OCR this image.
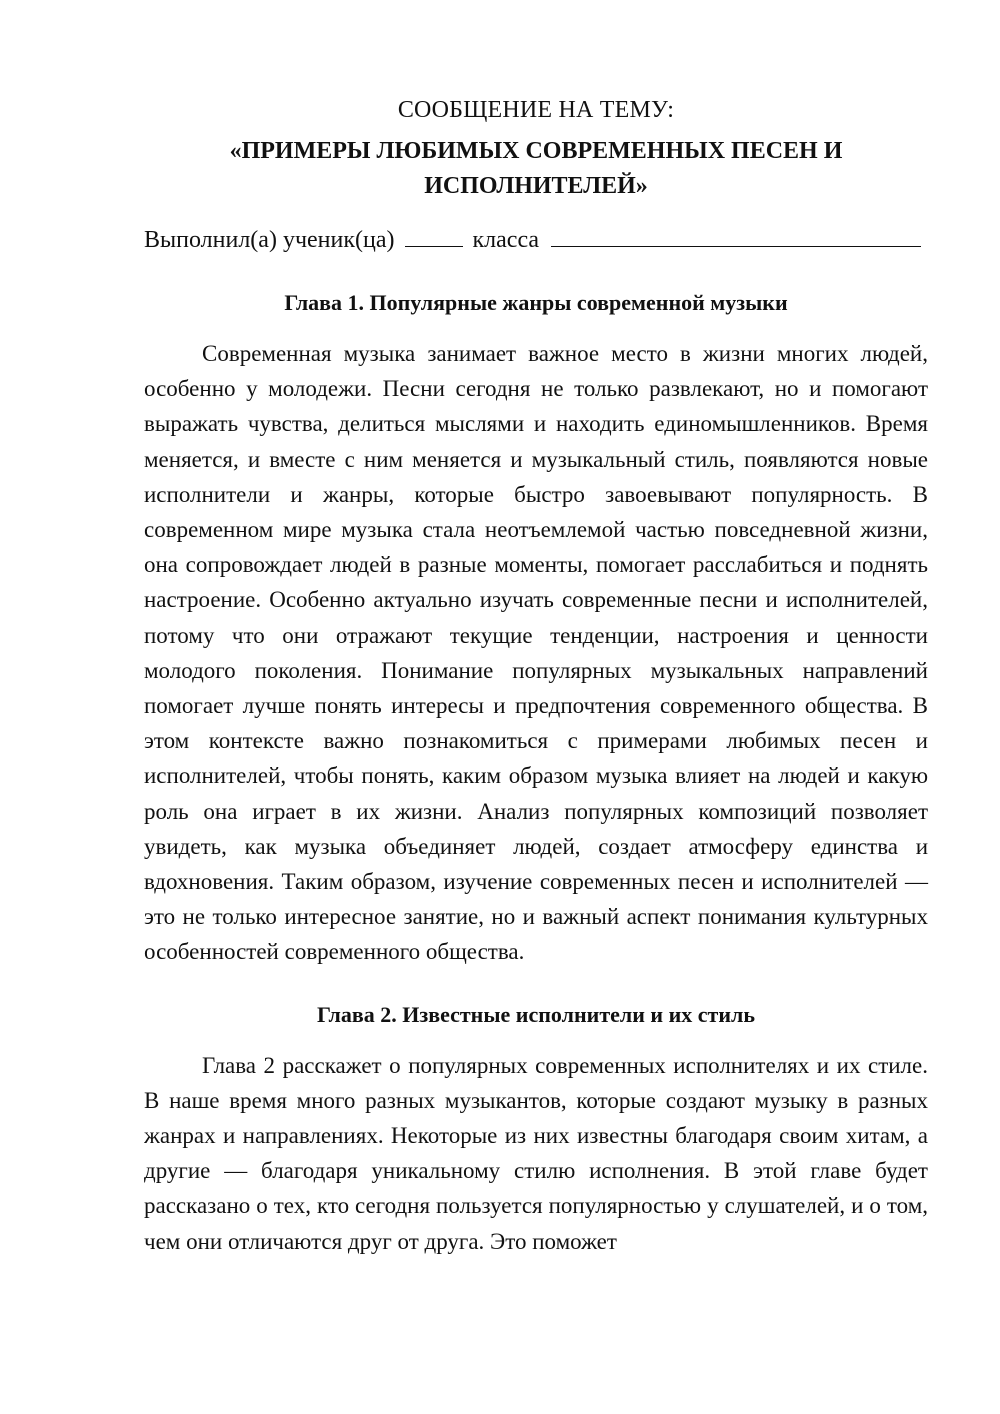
СООБЩЕНИЕ НА ТЕМУ:

«ПРИМЕРЫ ЛЮБИМЫХ СОВРЕМЕННЫХ ПЕСЕН И ИСПОЛНИТЕЛЕЙ»

Выполнил(а) ученик(ца)	класса
Глава 1. Популярные жанры современной музыки

Современная музыка занимает важное место в жизни многих людей, особенно у молодежи. Песни сегодня не только развлекают, но и помогают выражать чувства, делиться мыслями и находить единомышленников. Время меняется, и вместе с ним меняется и музыкальный стиль, появляются новые исполнители и жанры, которые быстро завоевывают популярность. В современном мире музыка стала неотъемлемой частью повседневной жизни, она сопровождает людей в разные моменты, помогает расслабиться и поднять настроение. Особенно актуально изучать современные песни и исполнителей, потому что они отражают текущие тенденции, настроения и ценности молодого поколения. Понимание популярных музыкальных направлений помогает лучше понять интересы и предпочтения современного общества. В этом контексте важно познакомиться с примерами любимых песен и исполнителей, чтобы понять, каким образом музыка влияет на людей и какую роль она играет в их жизни. Анализ популярных композиций позволяет увидеть, как музыка объединяет людей, создает атмосферу единства и вдохновения. Таким образом, изучение современных песен и исполнителей — это не только интересное занятие, но и важный аспект понимания культурных особенностей современного общества.

Глава 2. Известные исполнители и их стиль

Глава 2 расскажет о популярных современных исполнителях и их стиле. В наше время много разных музыкантов, которые создают музыку в разных жанрах и направлениях. Некоторые из них известны благодаря своим хитам, а другие — благодаря уникальному стилю исполнения. В этой главе будет рассказано о тех, кто сегодня пользуется популярностью у слушателей, и о том, чем они отличаются друг от друга. Это поможет
